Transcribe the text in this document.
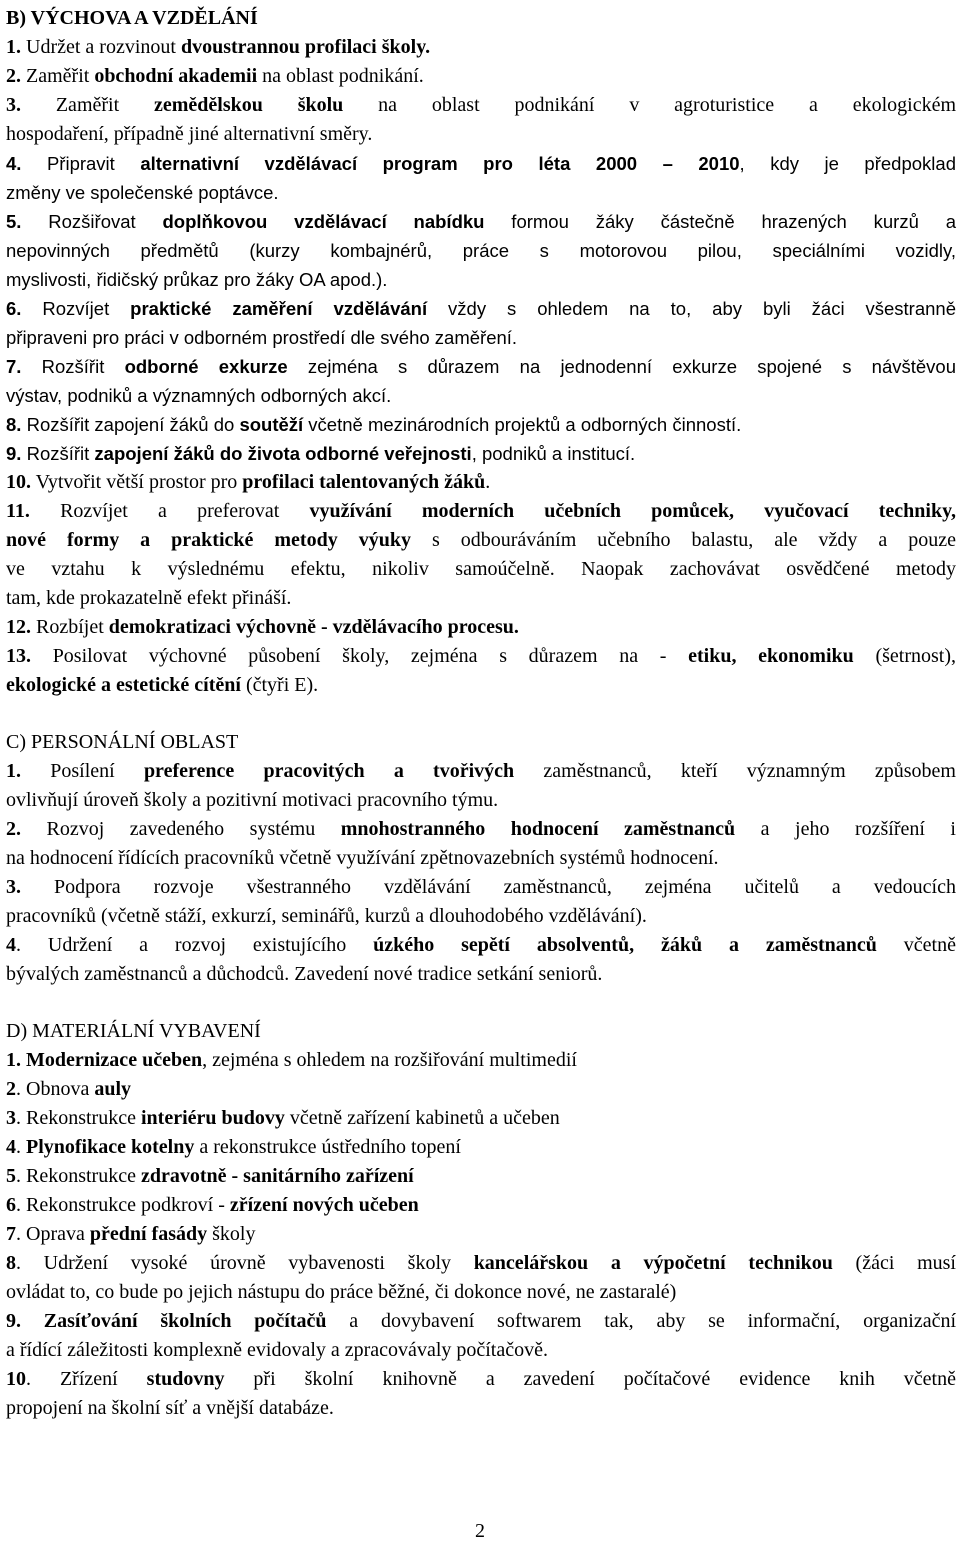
B) VÝCHOVA A VZDĚLÁNÍ
1. Udržet a rozvinout dvoustrannou profilaci školy.
2. Zaměřit obchodní akademii na oblast podnikání.
3. Zaměřit zemědělskou školu na oblast podnikání v agroturistice a ekologickém
hospodaření, případně jiné alternativní směry.
4. Připravit alternativní vzdělávací program pro léta 2000 – 2010, kdy je předpoklad
změny ve společenské poptávce.
5. Rozšiřovat doplňkovou vzdělávací nabídku formou žáky částečně hrazených kurzů a
nepovinných předmětů (kurzy kombajnérů, práce s motorovou pilou, speciálními vozidly,
myslivosti, řidičský průkaz pro žáky OA apod.).
6. Rozvíjet praktické zaměření vzdělávání vždy s ohledem na to, aby byli žáci všestranně
připraveni pro práci v odborném prostředí dle svého zaměření.
7. Rozšířit odborné exkurze zejména s důrazem na jednodenní exkurze spojené s návštěvou
výstav, podniků a významných odborných akcí.
8. Rozšířit zapojení žáků do soutěží včetně mezinárodních projektů a odborných činností.
9. Rozšířit zapojení žáků do života odborné veřejnosti, podniků a institucí.
10. Vytvořit větší prostor pro profilaci talentovaných žáků.
11. Rozvíjet a preferovat využívání moderních učebních pomůcek, vyučovací techniky,
nové formy a praktické metody výuky s odbouráváním učebního balastu, ale vždy a pouze
ve vztahu k výslednému efektu, nikoliv samoúčelně. Naopak zachovávat osvědčené metody
tam, kde prokazatelně efekt přináší.
12. Rozbíjet demokratizaci výchovně - vzdělávacího procesu.
13. Posilovat výchovné působení školy, zejména s důrazem na - etiku, ekonomiku (šetrnost),
ekologické a estetické cítění (čtyři E).
C) PERSONÁLNÍ OBLAST
1. Posílení preference pracovitých a tvořivých zaměstnanců, kteří významným způsobem
ovlivňují úroveň školy a pozitivní motivaci pracovního týmu.
2. Rozvoj zavedeného systému mnohostranného hodnocení zaměstnanců a jeho rozšíření i
na hodnocení řídících pracovníků včetně využívání zpětnovazebních systémů hodnocení.
3. Podpora rozvoje všestranného vzdělávání zaměstnanců, zejména učitelů a vedoucích
pracovníků (včetně stáží, exkurzí, seminářů, kurzů a dlouhodobého vzdělávání).
4. Udržení a rozvoj existujícího úzkého sepětí absolventů, žáků a zaměstnanců včetně
bývalých zaměstnanců a důchodců. Zavedení nové tradice setkání seniorů.
D) MATERIÁLNÍ VYBAVENÍ
1. Modernizace učeben, zejména s ohledem na rozšiřování multimedií
2. Obnova auly
3. Rekonstrukce interiéru budovy včetně zařízení kabinetů a učeben
4. Plynofikace kotelny a rekonstrukce ústředního topení
5. Rekonstrukce zdravotně - sanitárního zařízení
6. Rekonstrukce podkroví - zřízení nových učeben
7. Oprava přední fasády školy
8. Udržení vysoké úrovně vybavenosti školy kancelářskou a výpočetní technikou (žáci musí
ovládat to, co bude po jejich nástupu do práce běžné, či dokonce nové, ne zastaralé)
9. Zasíťování školních počítačů a dovybavení softwarem tak, aby se informační, organizační
a řídící záležitosti komplexně evidovaly a zpracovávaly počítačově.
10. Zřízení studovny při školní knihovně a zavedení počítačové evidence knih včetně
propojení na školní síť a vnější databáze.
2
